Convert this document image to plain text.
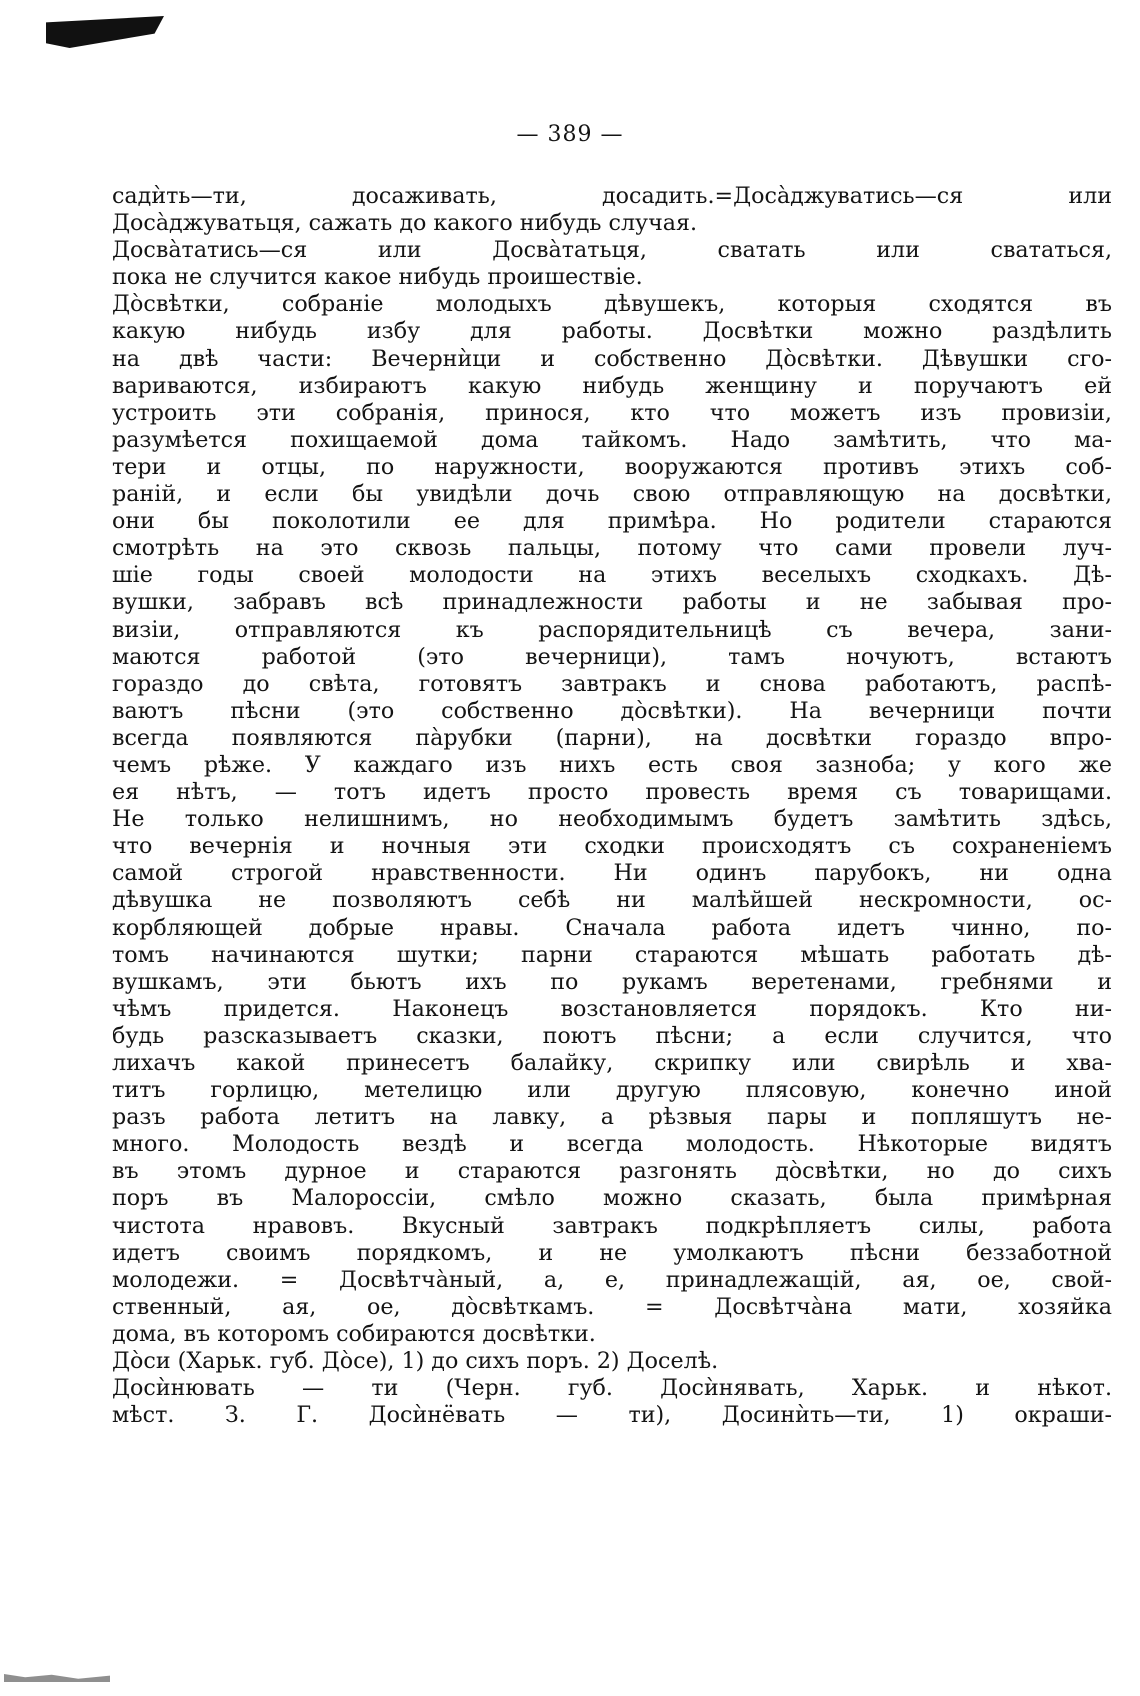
— 389 —

садѝть—ти, досаживать, досадить.=Досàджуватись—ся или
Досàджуватьця, сажать до какого нибудь случая.

Досвàтатись—ся или Досвàтатьця, сватать или свататься,
пока не случится какое нибудь проишествіе.

Дòсвѣтки, собраніе молодыхъ дѣвушекъ, которыя сходятся въ
какую нибудь избу для работы. Досвѣтки можно раздѣлить
на двѣ части: Вечернѝци и собственно Дòсвѣтки. Дѣвушки сго-
вариваются, избираютъ какую нибудь женщину и поручаютъ ей
устроить эти собранія, принося, кто что можетъ изъ провизіи,
разумѣется похищаемой дома тайкомъ. Надо замѣтить, что ма-
тери и отцы, по наружности, вооружаются противъ этихъ соб-
раній, и если бы увидѣли дочь свою отправляющую на досвѣтки,
они бы поколотили ее для примѣра. Но родители стараются
смотрѣть на это сквозь пальцы, потому что сами провели луч-
шіе годы своей молодости на этихъ веселыхъ сходкахъ. Дѣ-
вушки, забравъ всѣ принадлежности работы и не забывая про-
визіи, отправляются къ распорядительницѣ съ вечера, зани-
маются работой (это вечерници), тамъ ночуютъ, встаютъ
гораздо до свѣта, готовятъ завтракъ и снова работаютъ, распѣ-
ваютъ пѣсни (это собственно дòсвѣтки). На вечерници почти
всегда появляются пàрубки (парни), на досвѣтки гораздо впро-
чемъ рѣже. У каждаго изъ нихъ есть своя зазноба; у кого же
ея нѣтъ, — тотъ идетъ просто провесть время съ товарищами.
Не только нелишнимъ, но необходимымъ будетъ замѣтить здѣсь,
что вечернія и ночныя эти сходки происходятъ съ сохраненіемъ
самой строгой нравственности. Ни одинъ парубокъ, ни одна
дѣвушка не позволяютъ себѣ ни малѣйшей нескромности, ос-
корбляющей добрые нравы. Сначала работа идетъ чинно, по-
томъ начинаются шутки; парни стараются мѣшать работать дѣ-
вушкамъ, эти бьютъ ихъ по рукамъ веретенами, гребнями и
чѣмъ придется. Наконецъ возстановляется порядокъ. Кто ни-
будь разсказываетъ сказки, поютъ пѣсни; а если случится, что
лихачъ какой принесетъ балайку, скрипку или свирѣль и хва-
титъ горлицю, метелицю или другую плясовую, конечно иной
разъ работа летитъ на лавку, а рѣзвыя пары и попляшутъ не-
много. Молодость вездѣ и всегда молодость. Нѣкоторые видятъ
въ этомъ дурное и стараются разгонять дòсвѣтки, но до сихъ
поръ въ Малороссіи, смѣло можно сказать, была примѣрная
чистота нравовъ. Вкусный завтракъ подкрѣпляетъ силы, работа
идетъ своимъ порядкомъ, и не умолкаютъ пѣсни беззаботной
молодежи. = Досвѣтчàный, а, е, принадлежащій, ая, ое, свой-
ственный, ая, ое, дòсвѣткамъ. = Досвѣтчàна мати, хозяйка
дома, въ которомъ собираются досвѣтки.

Дòси (Харьк. губ. Дòсе), 1) до сихъ поръ. 2) Доселѣ.

Досѝнювать — ти (Черн. губ. Досѝнявать, Харьк. и нѣкот.
мѣст. З. Г. Досѝнёвать — ти), Досинѝть—ти, 1) окраши-
